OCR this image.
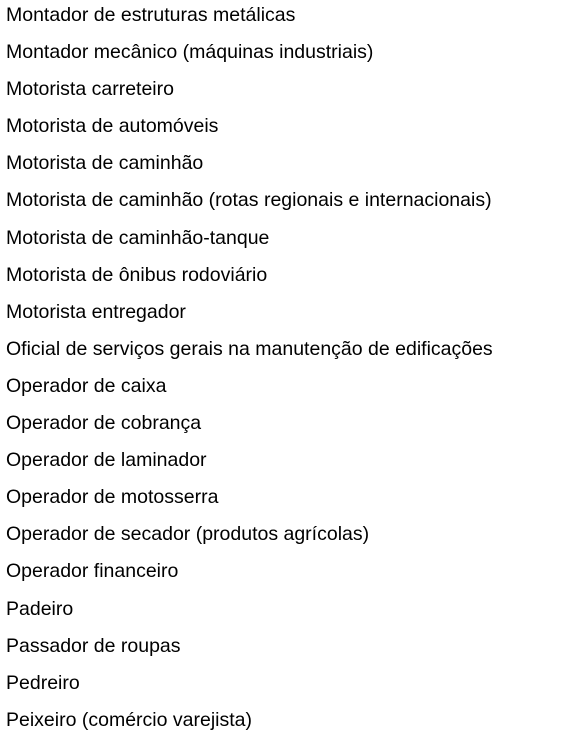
Montador de estruturas metálicas
Montador mecânico (máquinas industriais)
Motorista carreteiro
Motorista de automóveis
Motorista de caminhão
Motorista de caminhão (rotas regionais e internacionais)
Motorista de caminhão-tanque
Motorista de ônibus rodoviário
Motorista entregador
Oficial de serviços gerais na manutenção de edificações
Operador de caixa
Operador de cobrança
Operador de laminador
Operador de motosserra
Operador de secador (produtos agrícolas)
Operador financeiro
Padeiro
Passador de roupas
Pedreiro
Peixeiro (comércio varejista)
